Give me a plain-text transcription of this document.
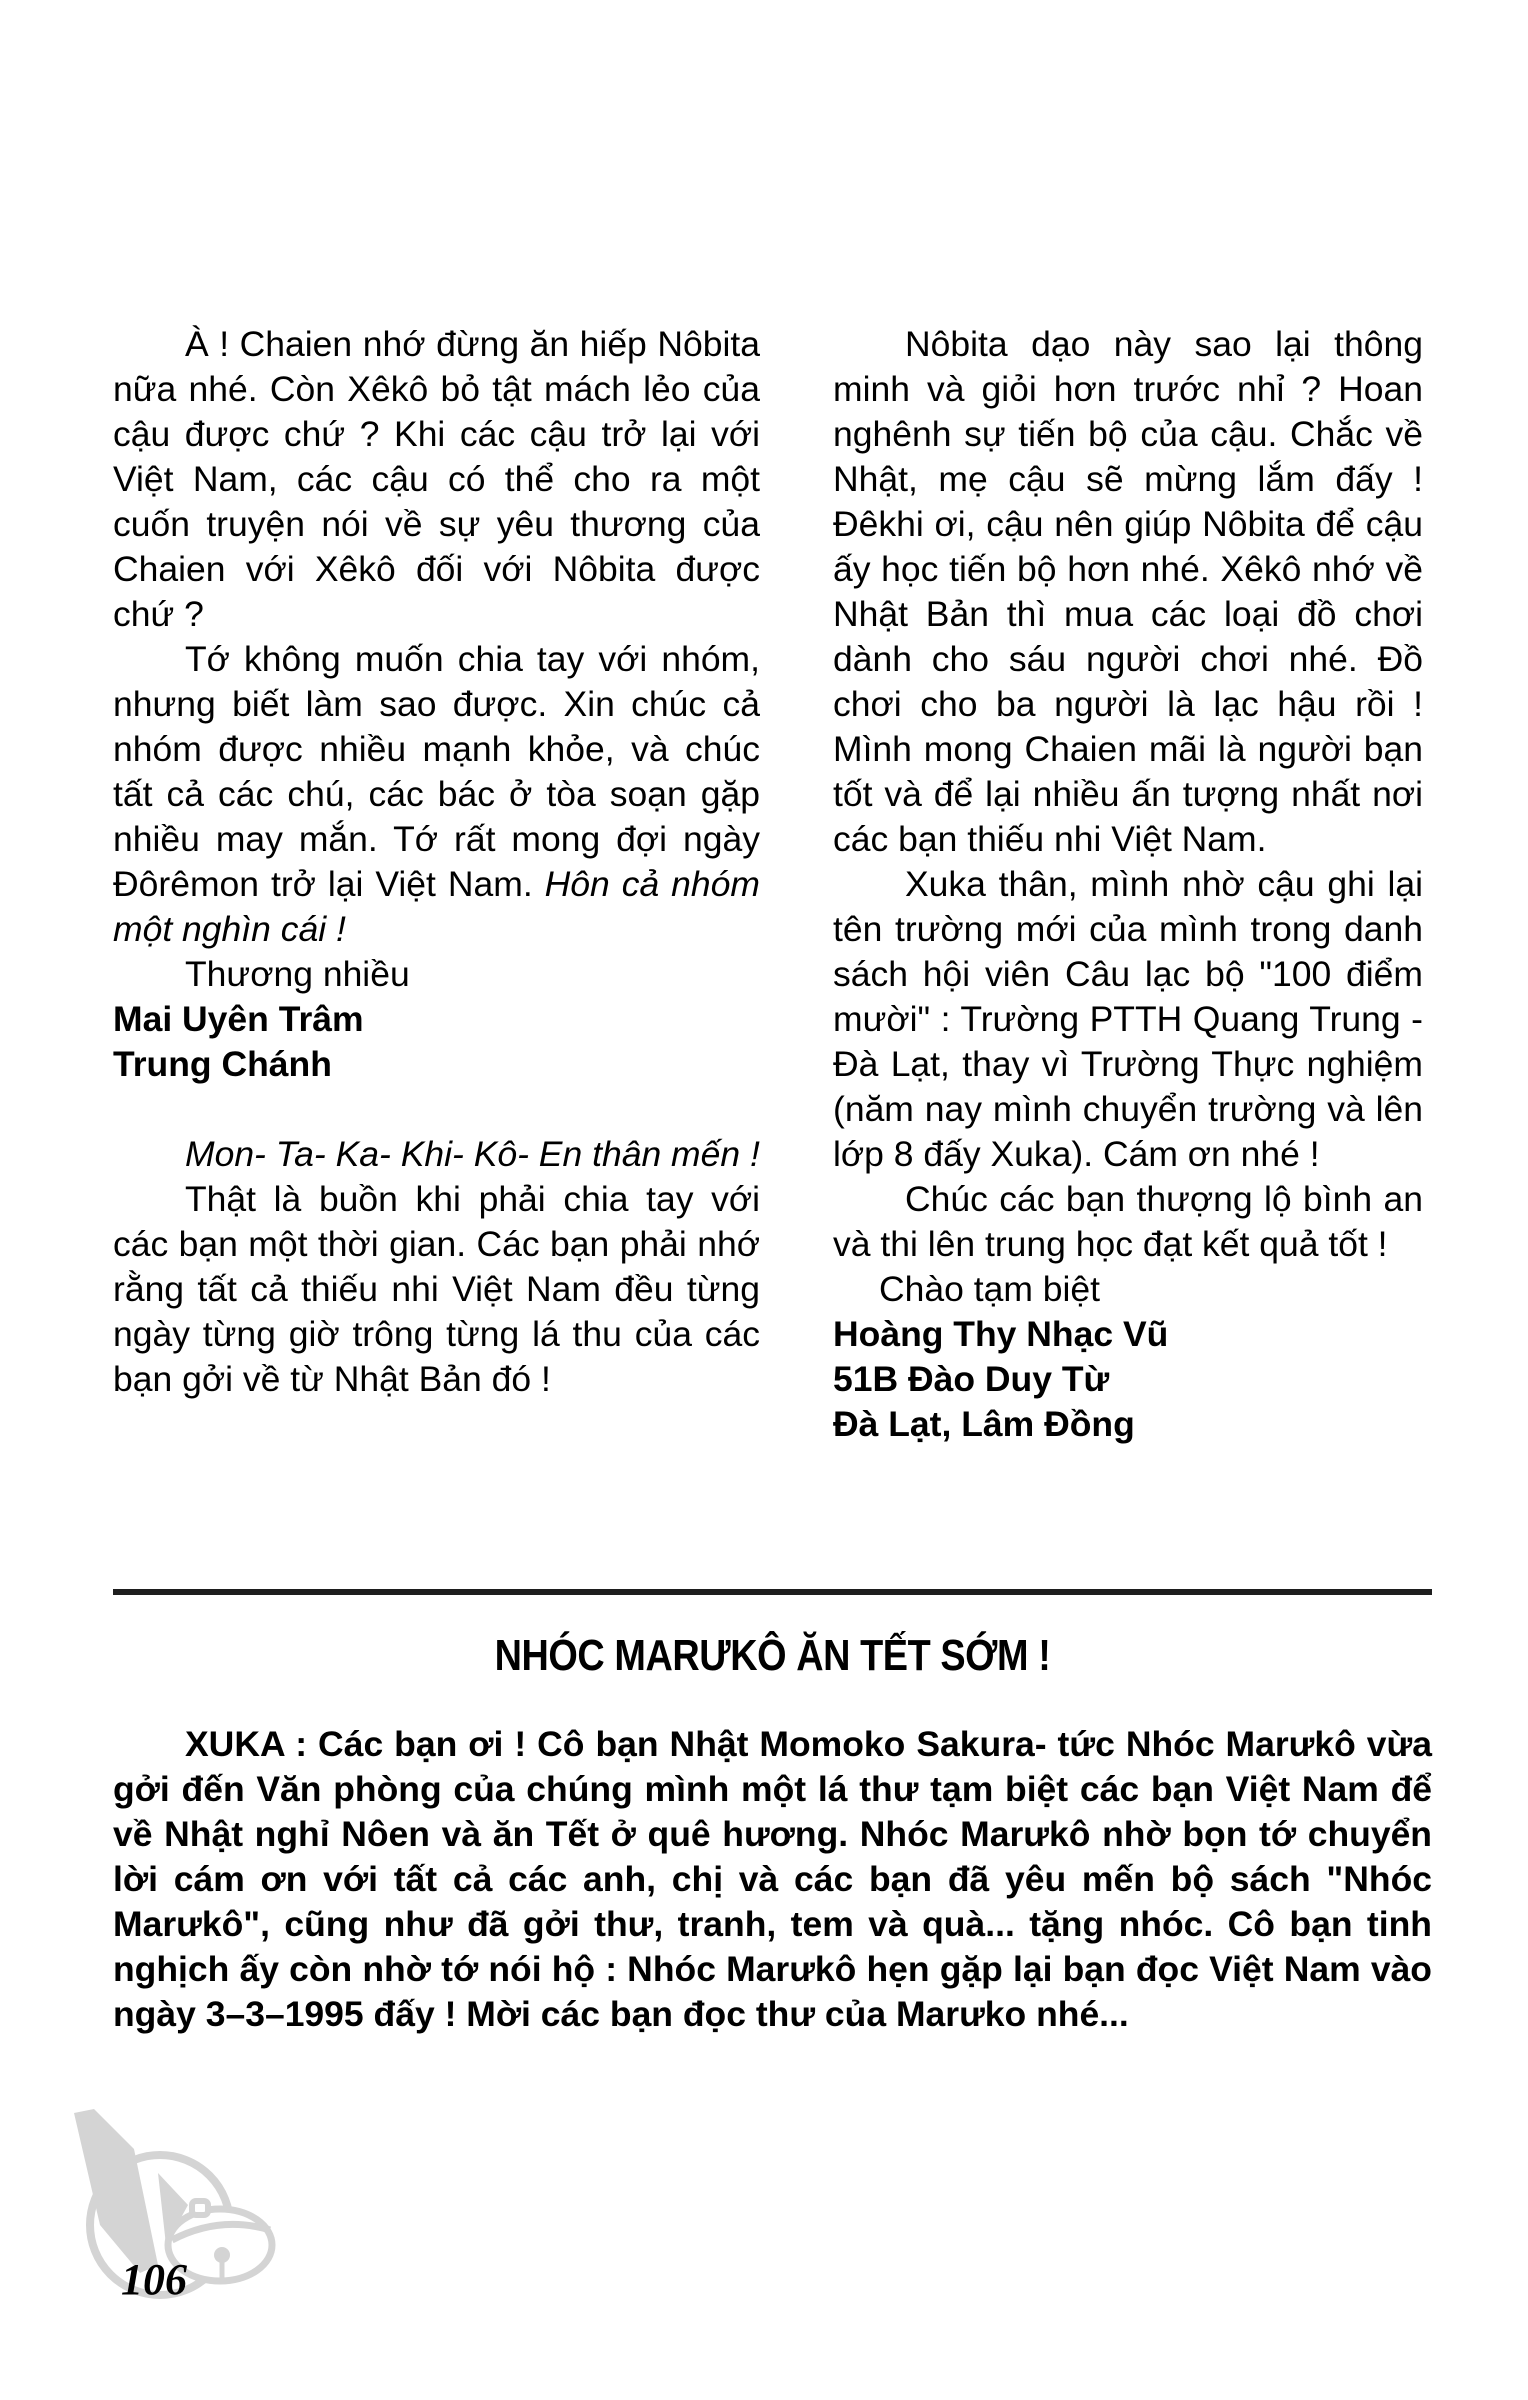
À ! Chaien nhớ đừng ăn hiếp Nôbita nữa nhé. Còn Xêkô bỏ tật mách lẻo của cậu được chứ ? Khi các cậu trở lại với Việt Nam, các cậu có thể cho ra một cuốn truyện nói về sự yêu thương của Chaien với Xêkô đối với Nôbita được chứ ?

Tớ không muốn chia tay với nhóm, nhưng biết làm sao được. Xin chúc cả nhóm được nhiều mạnh khỏe, và chúc tất cả các chú, các bác ở tòa soạn gặp nhiều may mắn. Tớ rất mong đợi ngày Đôrêmon trở lại Việt Nam. Hôn cả nhóm một nghìn cái !

Thương nhiều

Mai Uyên Trâm

Trung Chánh

Mon- Ta- Ka- Khi- Kô- En thân mến !

Thật là buồn khi phải chia tay với các bạn một thời gian. Các bạn phải nhớ rằng tất cả thiếu nhi Việt Nam đều từng ngày từng giờ trông từng lá thu của các bạn gởi về từ Nhật Bản đó !

Nôbita dạo này sao lại thông minh và giỏi hơn trước nhỉ ? Hoan nghênh sự tiến bộ của cậu. Chắc về Nhật, mẹ cậu sẽ mừng lắm đấy ! Đêkhi ơi, cậu nên giúp Nôbita để cậu ấy học tiến bộ hơn nhé. Xêkô nhớ về Nhật Bản thì mua các loại đồ chơi dành cho sáu người chơi nhé. Đồ chơi cho ba người là lạc hậu rồi ! Mình mong Chaien mãi là người bạn tốt và để lại nhiều ấn tượng nhất nơi các bạn thiếu nhi Việt Nam.

Xuka thân, mình nhờ cậu ghi lại tên trường mới của mình trong danh sách hội viên Câu lạc bộ "100 điểm mười" : Trường PTTH Quang Trung - Đà Lạt, thay vì Trường Thực nghiệm (năm nay mình chuyển trường và lên lớp 8 đấy Xuka). Cám ơn nhé !

Chúc các bạn thượng lộ bình an và thi lên trung học đạt kết quả tốt !

Chào tạm biệt

Hoàng Thy Nhạc Vũ

51B Đào Duy Từ

Đà Lạt, Lâm Đồng

NHÓC MARƯKÔ ĂN TẾT SỚM !

XUKA : Các bạn ơi ! Cô bạn Nhật Momoko Sakura- tức Nhóc Marưkô vừa gởi đến Văn phòng của chúng mình một lá thư tạm biệt các bạn Việt Nam để về Nhật nghỉ Nôen và ăn Tết ở quê hương. Nhóc Marưkô nhờ bọn tớ chuyển lời cám ơn với tất cả các anh, chị và các bạn đã yêu mến bộ sách "Nhóc Marưkô", cũng như đã gởi thư, tranh, tem và quà... tặng nhóc. Cô bạn tinh nghịch ấy còn nhờ tớ nói hộ : Nhóc Marưkô hẹn gặp lại bạn đọc Việt Nam vào ngày 3–3–1995 đấy ! Mời các bạn đọc thư của Marưko nhé...

106
